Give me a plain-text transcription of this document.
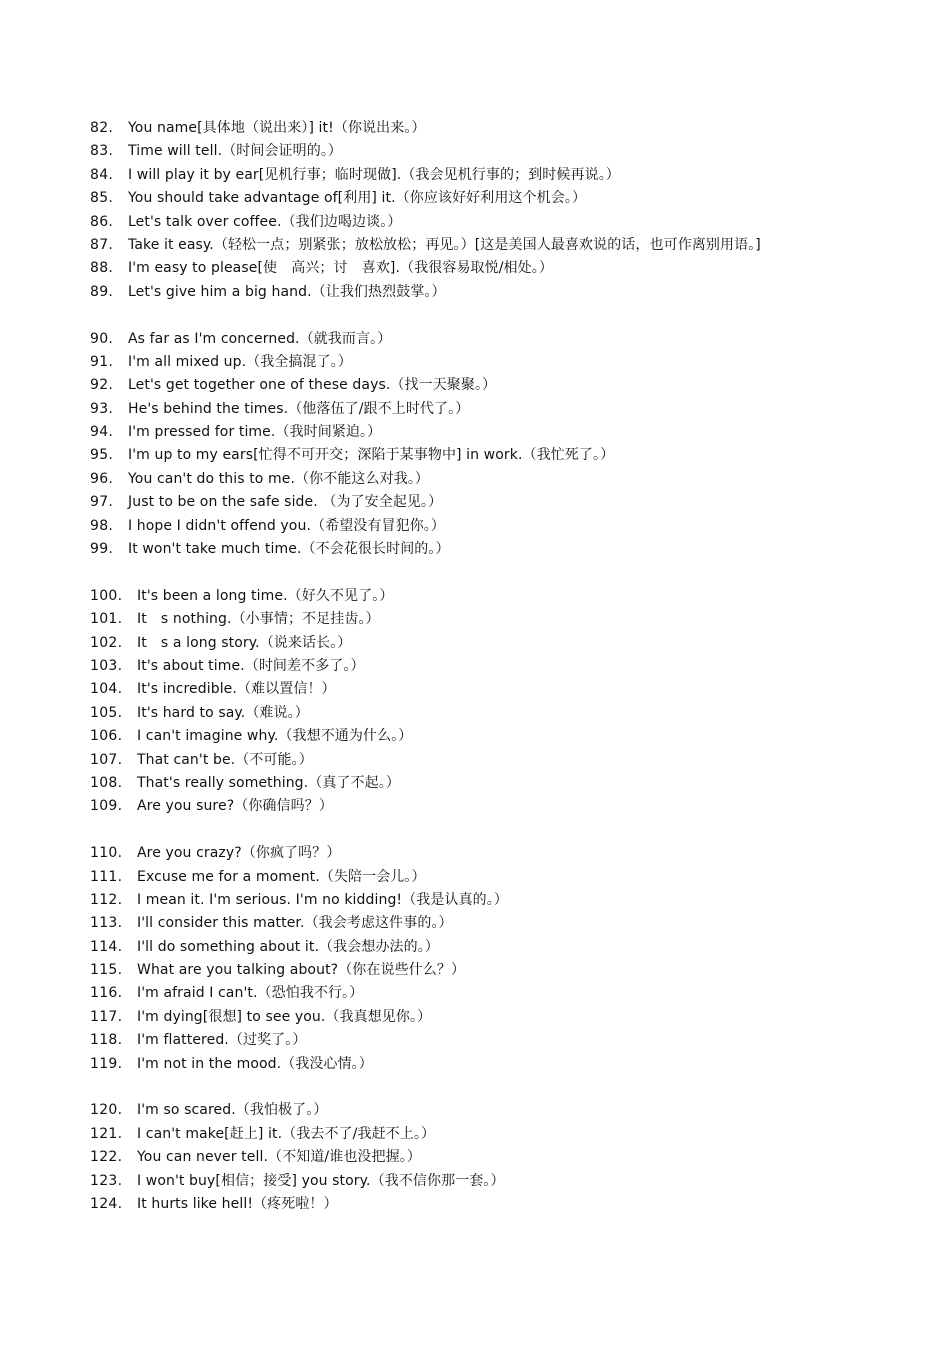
82. You name[具体地（说出来）] it!（你说出来。）
83. Time will tell.（时间会证明的。）
84. I will play it by ear[见机行事；临时现做].（我会见机行事的；到时候再说。）
85. You should take advantage of[利用] it.（你应该好好利用这个机会。）
86. Let's talk over coffee.（我们边喝边谈。）
87. Take it easy.（轻松一点；别紧张；放松放松；再见。）[这是美国人最喜欢说的话，也可作离别用语。]
88. I'm easy to please[使　高兴；讨　喜欢].（我很容易取悦/相处。）
89. Let's give him a big hand.（让我们热烈鼓掌。）
90. As far as I'm concerned.（就我而言。）
91. I'm all mixed up.（我全搞混了。）
92. Let's get together one of these days.（找一天聚聚。）
93. He's behind the times.（他落伍了/跟不上时代了。）
94. I'm pressed for time.（我时间紧迫。）
95. I'm up to my ears[忙得不可开交；深陷于某事物中] in work.（我忙死了。）
96. You can't do this to me.（你不能这么对我。）
97. Just to be on the safe side. （为了安全起见。）
98. I hope I didn't offend you.（希望没有冒犯你。）
99. It won't take much time.（不会花很长时间的。）
100. It's been a long time.（好久不见了。）
101. It　s nothing.（小事情；不足挂齿。）
102. It　s a long story.（说来话长。）
103. It's about time.（时间差不多了。）
104. It's incredible.（难以置信！）
105. It's hard to say.（难说。）
106. I can't imagine why.（我想不通为什么。）
107. That can't be.（不可能。）
108. That's really something.（真了不起。）
109. Are you sure?（你确信吗？）
110. Are you crazy?（你疯了吗？）
111. Excuse me for a moment.（失陪一会儿。）
112. I mean it. I'm serious. I'm no kidding!（我是认真的。）
113. I'll consider this matter.（我会考虑这件事的。）
114. I'll do something about it.（我会想办法的。）
115. What are you talking about?（你在说些什么？）
116. I'm afraid I can't.（恐怕我不行。）
117. I'm dying[很想] to see you.（我真想见你。）
118. I'm flattered.（过奖了。）
119. I'm not in the mood.（我没心情。）
120. I'm so scared.（我怕极了。）
121. I can't make[赶上] it.（我去不了/我赶不上。）
122. You can never tell.（不知道/谁也没把握。）
123. I won't buy[相信；接受] you story.（我不信你那一套。）
124. It hurts like hell!（疼死啦！）
